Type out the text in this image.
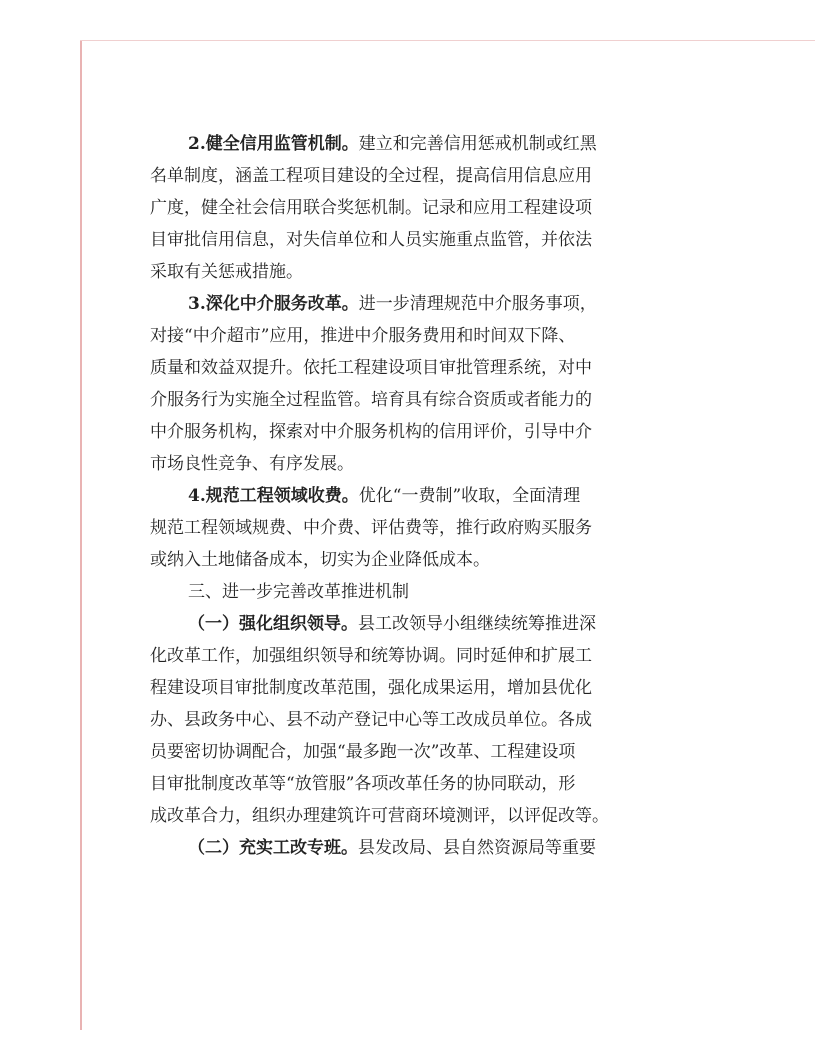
2.健全信用监管机制。建立和完善信用惩戒机制或红黑
名单制度，涵盖工程项目建设的全过程，提高信用信息应用
广度，健全社会信用联合奖惩机制。记录和应用工程建设项
目审批信用信息，对失信单位和人员实施重点监管，并依法
采取有关惩戒措施。
3.深化中介服务改革。进一步清理规范中介服务事项，
对接“中介超市”应用，推进中介服务费用和时间双下降、
质量和效益双提升。依托工程建设项目审批管理系统，对中
介服务行为实施全过程监管。培育具有综合资质或者能力的
中介服务机构，探索对中介服务机构的信用评价，引导中介
市场良性竞争、有序发展。
4.规范工程领域收费。优化“一费制”收取，全面清理
规范工程领域规费、中介费、评估费等，推行政府购买服务
或纳入土地储备成本，切实为企业降低成本。
三、进一步完善改革推进机制
（一）强化组织领导。县工改领导小组继续统筹推进深
化改革工作，加强组织领导和统筹协调。同时延伸和扩展工
程建设项目审批制度改革范围，强化成果运用，增加县优化
办、县政务中心、县不动产登记中心等工改成员单位。各成
员要密切协调配合，加强“最多跑一次”改革、工程建设项
目审批制度改革等“放管服”各项改革任务的协同联动，形
成改革合力，组织办理建筑许可营商环境测评，以评促改等。
（二）充实工改专班。县发改局、县自然资源局等重要
